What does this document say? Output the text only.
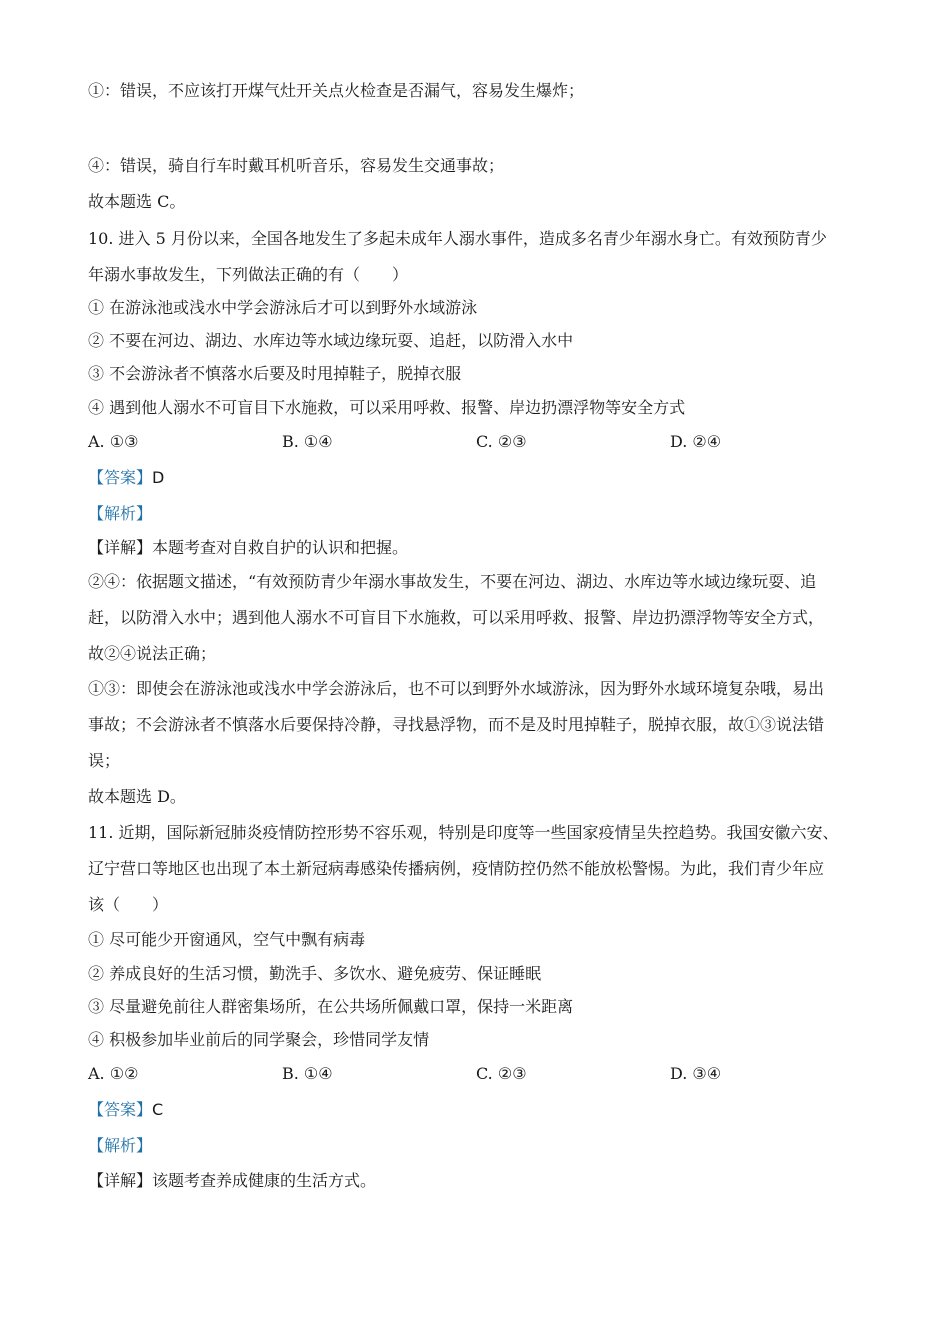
①：错误，不应该打开煤气灶开关点火检查是否漏气，容易发生爆炸；
④：错误，骑自行车时戴耳机听音乐，容易发生交通事故；
故本题选 C。
10. 进入 5 月份以来，全国各地发生了多起未成年人溺水事件，造成多名青少年溺水身亡。有效预防青少
年溺水事故发生，下列做法正确的有（　　）
① 在游泳池或浅水中学会游泳后才可以到野外水域游泳
② 不要在河边、湖边、水库边等水域边缘玩耍、追赶，以防滑入水中
③ 不会游泳者不慎落水后要及时甩掉鞋子，脱掉衣服
④ 遇到他人溺水不可盲目下水施救，可以采用呼救、报警、岸边扔漂浮物等安全方式
A. ①③	B. ①④	C. ②③	D. ②④
【答案】D
【解析】
【详解】本题考查对自救自护的认识和把握。
②④：依据题文描述，“有效预防青少年溺水事故发生，不要在河边、湖边、水库边等水域边缘玩耍、追
赶，以防滑入水中；遇到他人溺水不可盲目下水施救，可以采用呼救、报警、岸边扔漂浮物等安全方式，
故②④说法正确；
①③：即使会在游泳池或浅水中学会游泳后，也不可以到野外水域游泳，因为野外水域环境复杂哦，易出
事故；不会游泳者不慎落水后要保持冷静，寻找悬浮物，而不是及时甩掉鞋子，脱掉衣服，故①③说法错
误；
故本题选 D。
11. 近期，国际新冠肺炎疫情防控形势不容乐观，特别是印度等一些国家疫情呈失控趋势。我国安徽六安、
辽宁营口等地区也出现了本土新冠病毒感染传播病例，疫情防控仍然不能放松警惕。为此，我们青少年应
该（　　）
① 尽可能少开窗通风，空气中飘有病毒
② 养成良好的生活习惯，勤洗手、多饮水、避免疲劳、保证睡眠
③ 尽量避免前往人群密集场所，在公共场所佩戴口罩，保持一米距离
④ 积极参加毕业前后的同学聚会，珍惜同学友情
A. ①②	B. ①④	C. ②③	D. ③④
【答案】C
【解析】
【详解】该题考查养成健康的生活方式。
